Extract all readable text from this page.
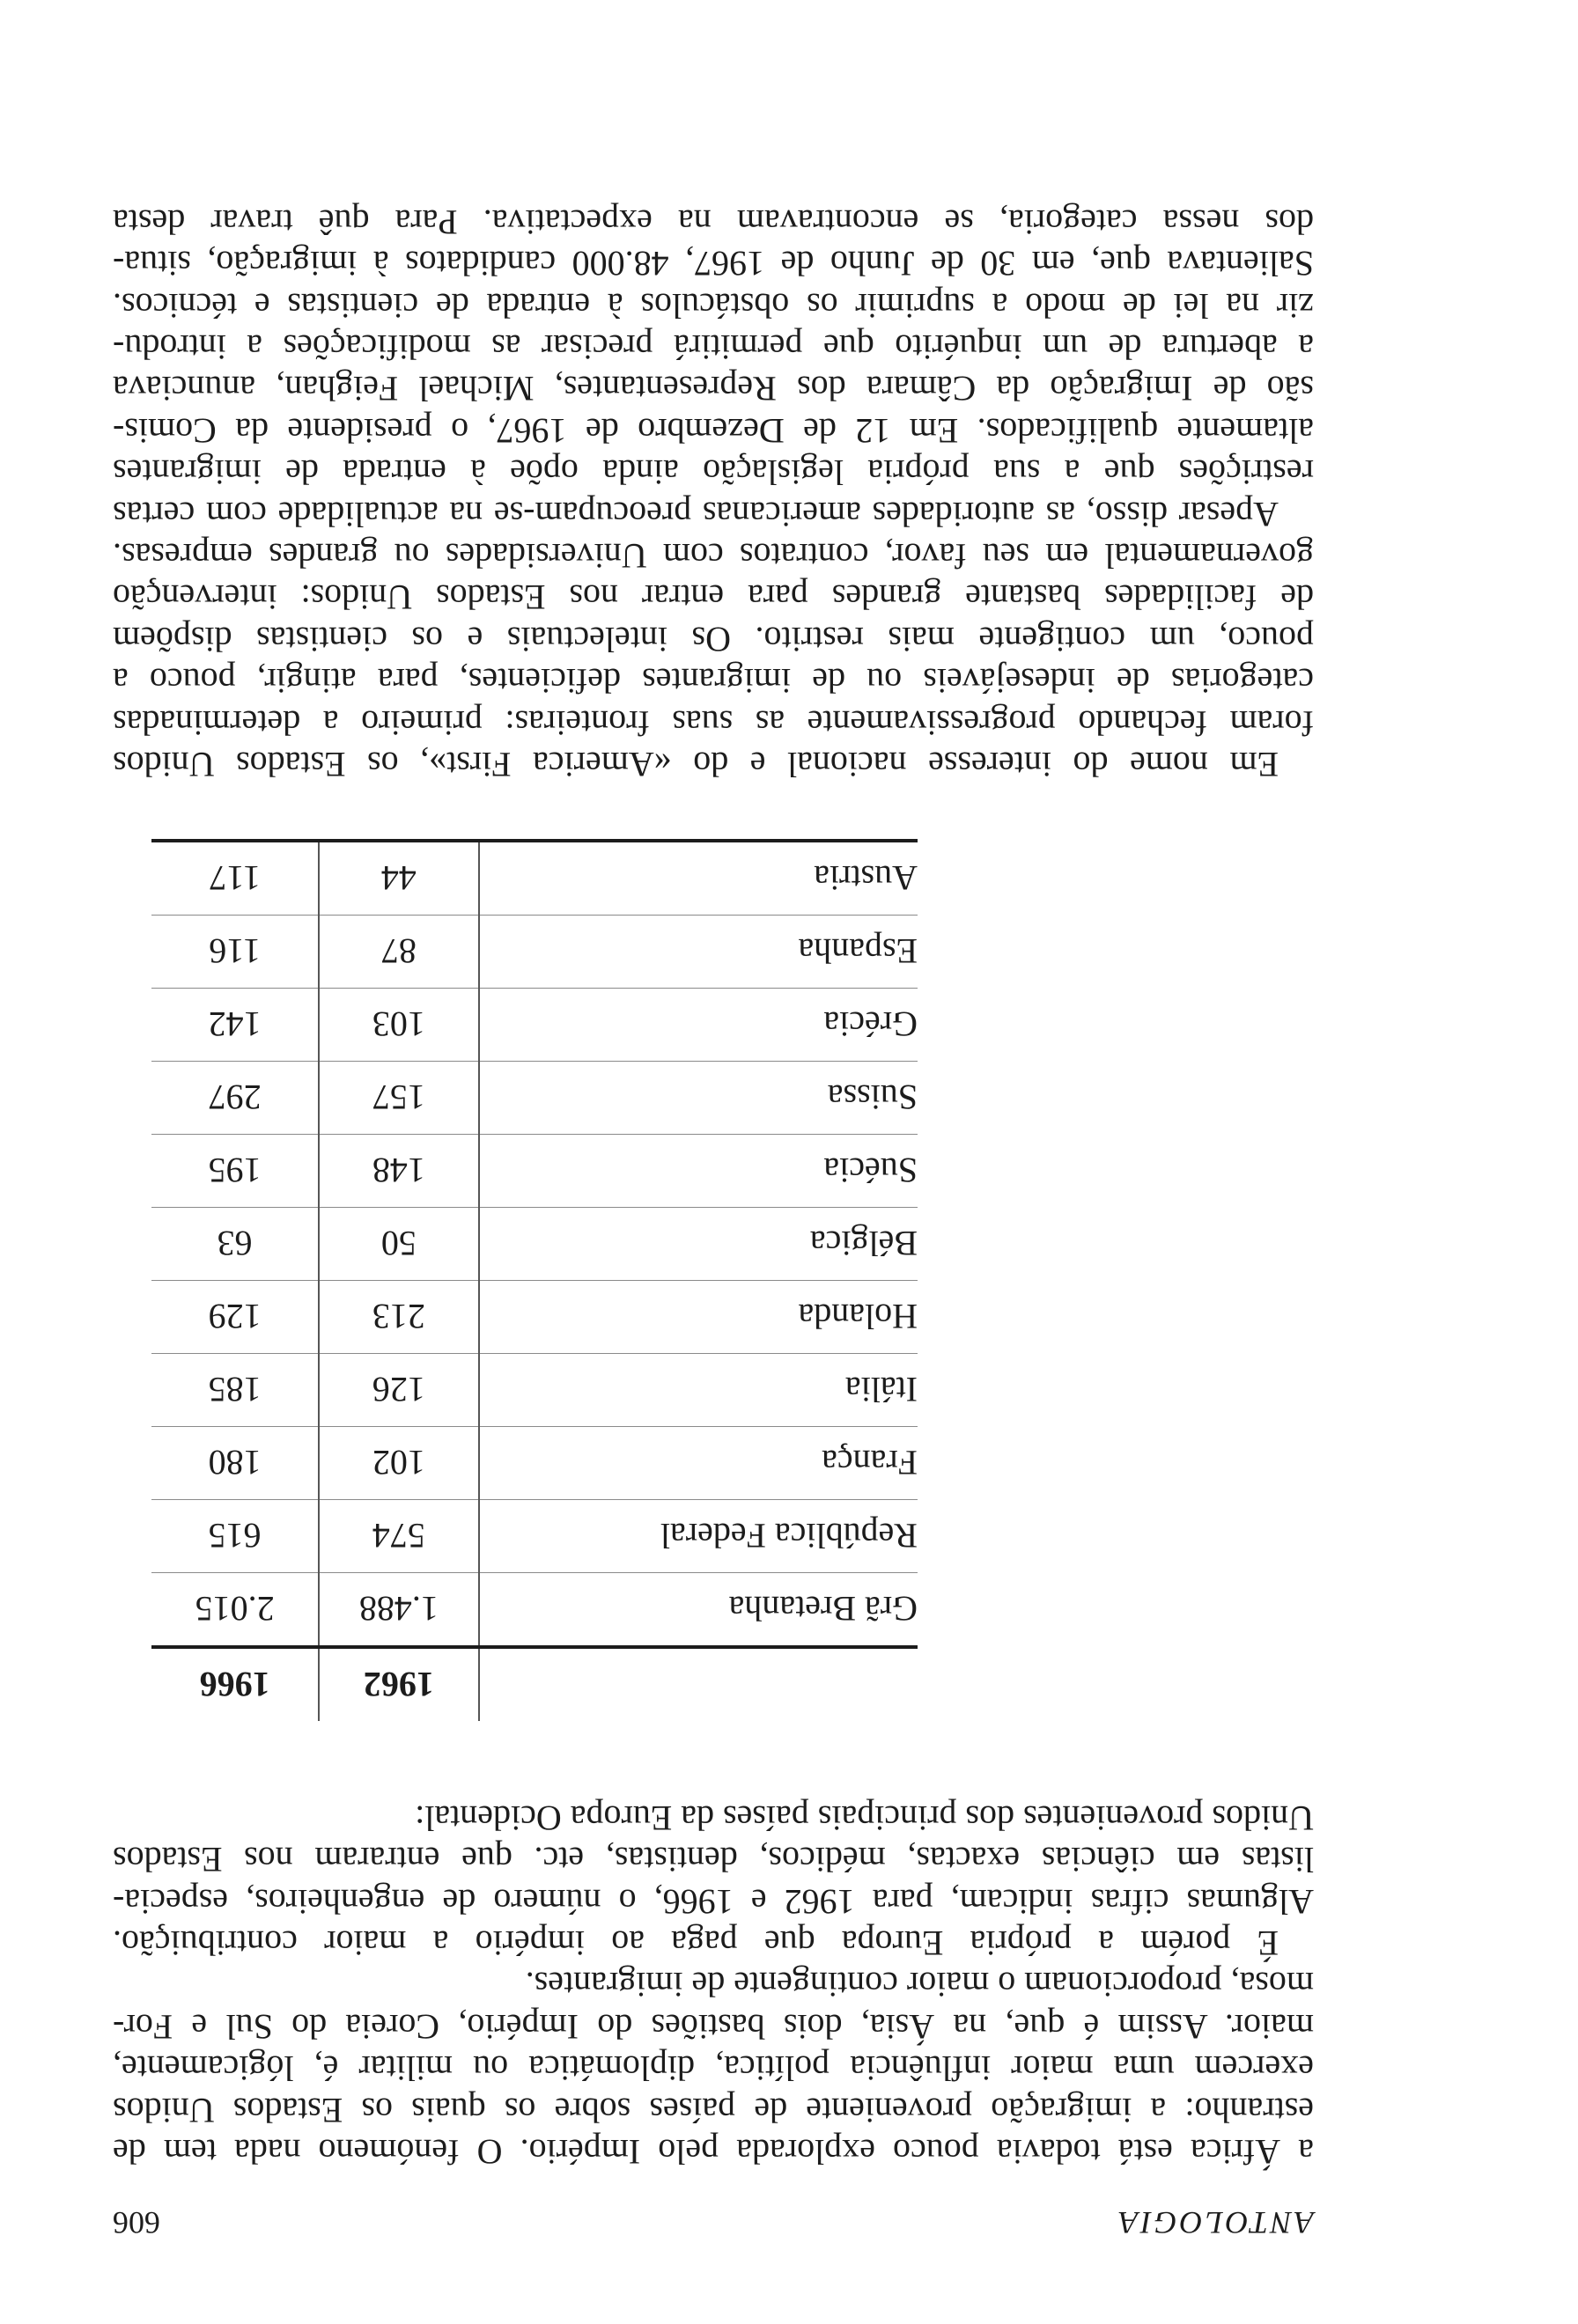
ANTOLOGIA
606
a África está todavia pouco explorada pelo Império. O fenómeno nada tem de
estranho: a imigração proveniente de países sobre os quais os Estados Unidos
exercem uma maior influência política, diplomática ou militar é, lógicamente,
maior. Assim é que, na Ásia, dois bastiões do Império, Coreia do Sul e For-
mosa, proporcionam o maior contingente de imigrantes.
É porém a própria Europa que paga ao império a maior contribuição.
Algumas cifras indicam, para 1962 e 1966, o número de engenheiros, especia-
listas em ciências exactas, médicos, dentistas, etc. que entraram nos Estados
Unidos provenientes dos principais países da Europa Ocidental:
	1962	1966
Grã Bretanha	1.488	2.015
República Federal	574	615
França	102	180
Itália	126	185
Holanda	213	129
Bélgica	50	63
Suécia	148	195
Suissa	157	297
Grécia	103	142
Espanha	87	116
Austria	44	117
Em nome do interesse nacional e do «America First», os Estados Unidos
foram fechando progressivamente as suas fronteiras: primeiro a determinadas
categorias de indesejáveis ou de imigrantes deficientes, para atingir, pouco a
pouco, um contigente mais restrito. Os intelectuais e os cientistas dispõem
de facilidades bastante grandes para entrar nos Estados Unidos: intervenção
governamental em seu favor, contratos com Universidades ou grandes empresas.
Apesar disso, as autoridades americanas preocupam-se na actualidade com certas
restrições que a sua própria legislação ainda opõe à entrada de imigrantes
altamente qualificados. Em 12 de Dezembro de 1967, o presidente da Comis-
são de Imigração da Câmara dos Representantes, Michael Feighan, anunciava
a abertura de um inquérito que permitirá precisar as modificações a introdu-
zir na lei de modo a suprimir os obstáculos à entrada de cientistas e técnicos.
Salientava que, em 30 de Junho de 1967, 48.000 candidatos à imigração, situa-
dos nessa categoria, se encontravam na expectativa. Para quê travar desta
